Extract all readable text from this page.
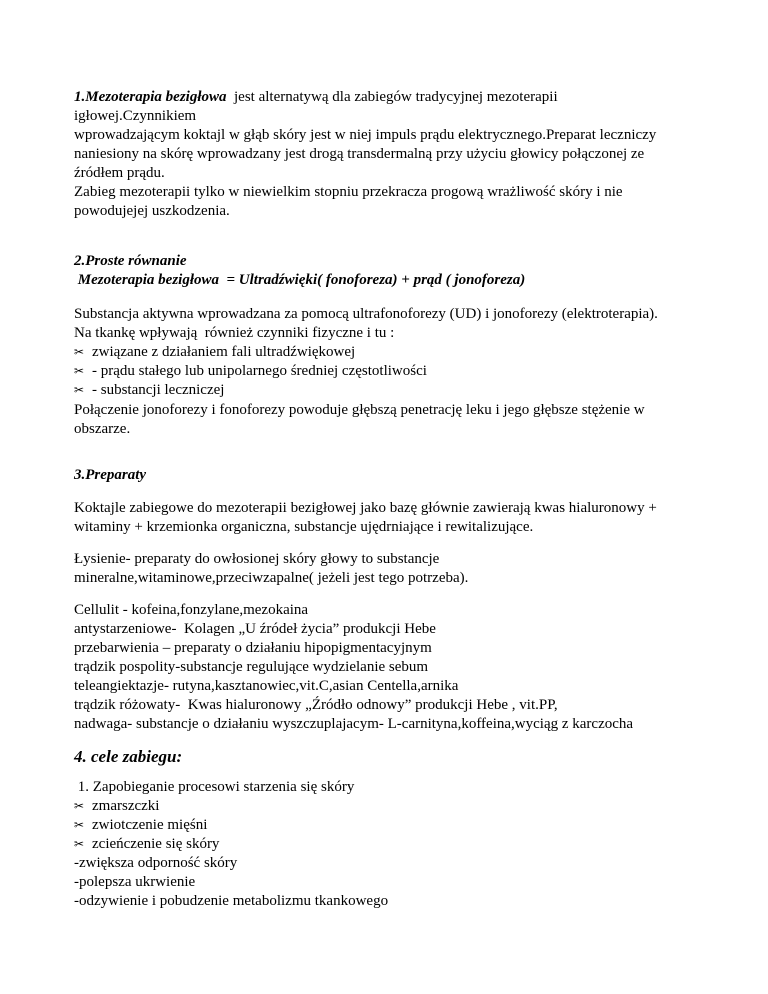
1.Mezoterapia bezigłowa  jest alternatywą dla zabiegów tradycyjnej mezoterapii

igłowej.Czynnikiem

wprowadzającym koktajl w głąb skóry jest w niej impuls prądu elektrycznego.Preparat leczniczy

naniesiony na skórę wprowadzany jest drogą transdermalną przy użyciu głowicy połączonej ze

źródłem prądu.

Zabieg mezoterapii tylko w niewielkim stopniu przekracza progową wrażliwość skóry i nie

powodujejej uszkodzenia.

2.Proste równanie

Mezoterapia bezigłowa  = Ultradźwięki( fonoforeza) + prąd ( jonoforeza)

Substancja aktywna wprowadzana za pomocą ultrafonoforezy (UD) i jonoforezy (elektroterapia).

Na tkankę wpływają  również czynniki fizyczne i tu :

✂ związane z działaniem fali ultradźwiękowej
✂ - prądu stałego lub unipolarnego średniej częstotliwości
✂ - substancji leczniczej

Połączenie jonoforezy i fonoforezy powoduje głębszą penetrację leku i jego głębsze stężenie w

obszarze.

3.Preparaty

Koktajle zabiegowe do mezoterapii bezigłowej jako bazę głównie zawierają kwas hialuronowy +

witaminy + krzemionka organiczna, substancje ujędrniające i rewitalizujące.

Łysienie- preparaty do owłosionej skóry głowy to substancje

mineralne,witaminowe,przeciwzapalne( jeżeli jest tego potrzeba).

Cellulit - kofeina,fonzylane,mezokaina

antystarzeniowe-  Kolagen „U źródeł życia” produkcji Hebe

przebarwienia – preparaty o działaniu hipopigmentacyjnym

trądzik pospolity-substancje regulujące wydzielanie sebum

teleangiektazje- rutyna,kasztanowiec,vit.C,asian Centella,arnika

trądzik różowaty-  Kwas hialuronowy „Źródło odnowy” produkcji Hebe , vit.PP,

nadwaga- substancje o działaniu wyszczuplajacym- L-carnityna,koffeina,wyciąg z karczocha

4. cele zabiegu:

1. Zapobieganie procesowi starzenia się skóry

✂ zmarszczki
✂ zwiotczenie mięśni
✂ zcieńczenie się skóry

-zwiększa odporność skóry

-polepsza ukrwienie

-odzywienie i pobudzenie metabolizmu tkankowego
